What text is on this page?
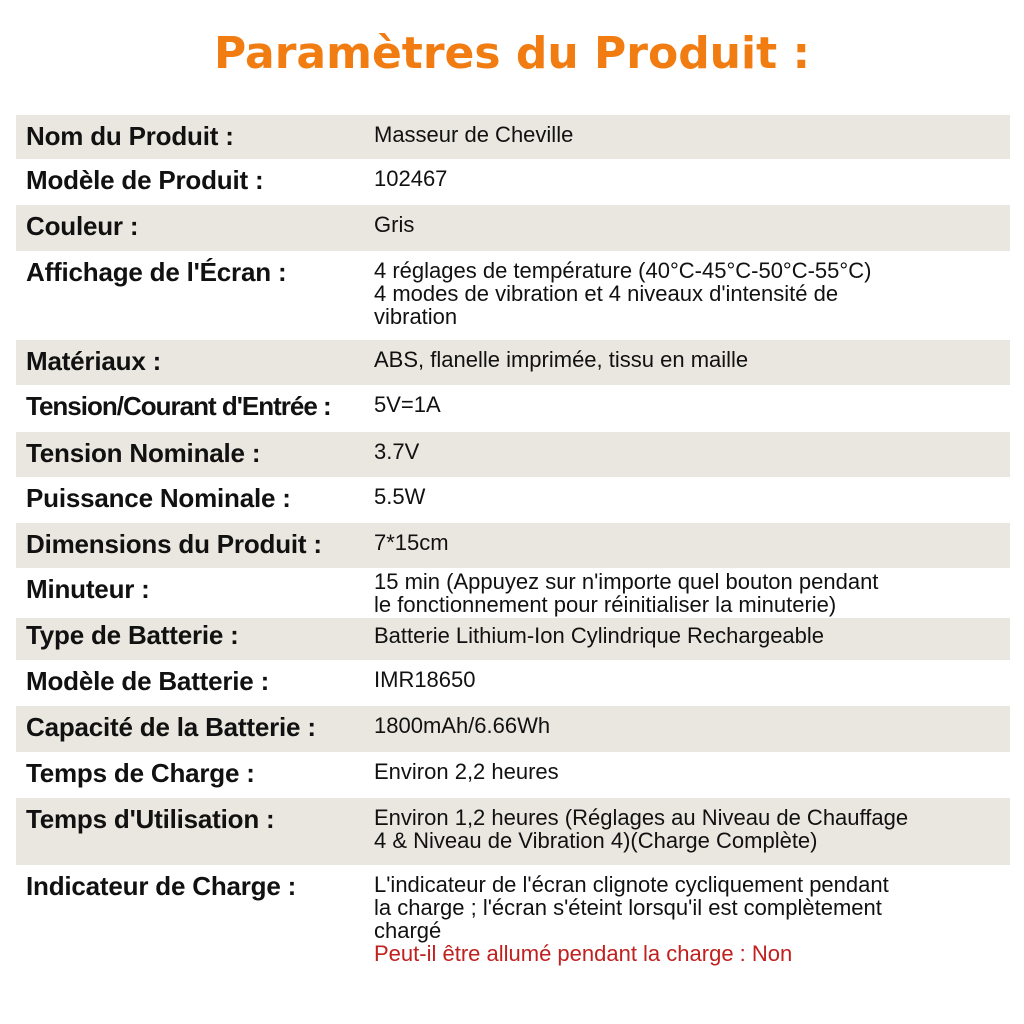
Paramètres du Produit :
Nom du Produit :	Masseur de Cheville
Modèle de Produit :	102467
Couleur :	Gris
Affichage de l'Écran :	4 réglages de température (40°C-45°C-50°C-55°C)
4 modes de vibration et 4 niveaux d'intensité de
vibration
Matériaux :	ABS, flanelle imprimée, tissu en maille
Tension/Courant d'Entrée :	5V=1A
Tension Nominale :	3.7V
Puissance Nominale :	5.5W
Dimensions du Produit :	7*15cm
Minuteur :	15 min (Appuyez sur n'importe quel bouton pendant
le fonctionnement pour réinitialiser la minuterie)
Type de Batterie :	Batterie Lithium-Ion Cylindrique Rechargeable
Modèle de Batterie :	IMR18650
Capacité de la Batterie :	1800mAh/6.66Wh
Temps de Charge :	Environ 2,2 heures
Temps d'Utilisation :	Environ 1,2 heures (Réglages au Niveau de Chauffage
4 & Niveau de Vibration 4)(Charge Complète)
Indicateur de Charge :	L'indicateur de l'écran clignote cycliquement pendant
la charge ; l'écran s'éteint lorsqu'il est complètement
chargé
Peut-il être allumé pendant la charge : Non
